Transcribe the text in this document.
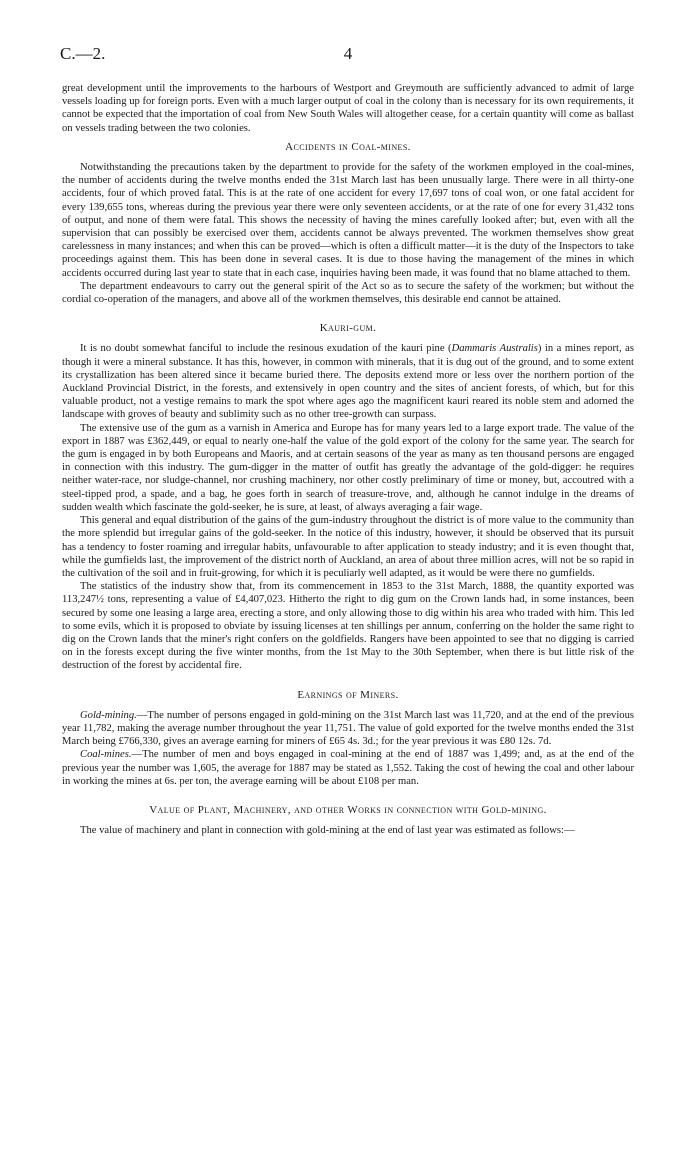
C.—2.	4

great development until the improvements to the harbours of Westport and Greymouth are sufficiently advanced to admit of large vessels loading up for foreign ports. Even with a much larger output of coal in the colony than is necessary for its own requirements, it cannot be expected that the importation of coal from New South Wales will altogether cease, for a certain quantity will come as ballast on vessels trading between the two colonies.

Accidents in Coal-mines.

Notwithstanding the precautions taken by the department to provide for the safety of the workmen employed in the coal-mines, the number of accidents during the twelve months ended the 31st March last has been unusually large. There were in all thirty-one accidents, four of which proved fatal. This is at the rate of one accident for every 17,697 tons of coal won, or one fatal accident for every 139,655 tons, whereas during the previous year there were only seventeen accidents, or at the rate of one for every 31,432 tons of output, and none of them were fatal. This shows the necessity of having the mines carefully looked after; but, even with all the supervision that can possibly be exercised over them, accidents cannot be always prevented. The workmen themselves show great carelessness in many instances; and when this can be proved—which is often a difficult matter—it is the duty of the Inspectors to take proceedings against them. This has been done in several cases. It is due to those having the management of the mines in which accidents occurred during last year to state that in each case, inquiries having been made, it was found that no blame attached to them.

The department endeavours to carry out the general spirit of the Act so as to secure the safety of the workmen; but without the cordial co-operation of the managers, and above all of the workmen themselves, this desirable end cannot be attained.

Kauri-gum.

It is no doubt somewhat fanciful to include the resinous exudation of the kauri pine (Dammaris Australis) in a mines report, as though it were a mineral substance. It has this, however, in common with minerals, that it is dug out of the ground, and to some extent its crystallization has been altered since it became buried there. The deposits extend more or less over the northern portion of the Auckland Provincial District, in the forests, and extensively in open country and the sites of ancient forests, of which, but for this valuable product, not a vestige remains to mark the spot where ages ago the magnificent kauri reared its noble stem and adorned the landscape with groves of beauty and sublimity such as no other tree-growth can surpass.

The extensive use of the gum as a varnish in America and Europe has for many years led to a large export trade. The value of the export in 1887 was £362,449, or equal to nearly one-half the value of the gold export of the colony for the same year. The search for the gum is engaged in by both Europeans and Maoris, and at certain seasons of the year as many as ten thousand persons are engaged in connection with this industry. The gum-digger in the matter of outfit has greatly the advantage of the gold-digger: he requires neither water-race, nor sludge-channel, nor crushing machinery, nor other costly preliminary of time or money, but, accoutred with a steel-tipped prod, a spade, and a bag, he goes forth in search of treasure-trove, and, although he cannot indulge in the dreams of sudden wealth which fascinate the gold-seeker, he is sure, at least, of always averaging a fair wage.

This general and equal distribution of the gains of the gum-industry throughout the district is of more value to the community than the more splendid but irregular gains of the gold-seeker. In the notice of this industry, however, it should be observed that its pursuit has a tendency to foster roaming and irregular habits, unfavourable to after application to steady industry; and it is even thought that, while the gumfields last, the improvement of the district north of Auckland, an area of about three million acres, will not be so rapid in the cultivation of the soil and in fruit-growing, for which it is peculiarly well adapted, as it would be were there no gumfields.

The statistics of the industry show that, from its commencement in 1853 to the 31st March, 1888, the quantity exported was 113,247½ tons, representing a value of £4,407,023. Hitherto the right to dig gum on the Crown lands had, in some instances, been secured by some one leasing a large area, erecting a store, and only allowing those to dig within his area who traded with him. This led to some evils, which it is proposed to obviate by issuing licenses at ten shillings per annum, conferring on the holder the same right to dig on the Crown lands that the miner's right confers on the goldfields. Rangers have been appointed to see that no digging is carried on in the forests except during the five winter months, from the 1st May to the 30th September, when there is but little risk of the destruction of the forest by accidental fire.

Earnings of Miners.

Gold-mining.—The number of persons engaged in gold-mining on the 31st March last was 11,720, and at the end of the previous year 11,782, making the average number throughout the year 11,751. The value of gold exported for the twelve months ended the 31st March being £766,330, gives an average earning for miners of £65 4s. 3d.; for the year previous it was £80 12s. 7d.

Coal-mines.—The number of men and boys engaged in coal-mining at the end of 1887 was 1,499; and, as at the end of the previous year the number was 1,605, the average for 1887 may be stated as 1,552. Taking the cost of hewing the coal and other labour in working the mines at 6s. per ton, the average earning will be about £108 per man.

Value of Plant, Machinery, and other Works in connection with Gold-mining.

The value of machinery and plant in connection with gold-mining at the end of last year was estimated as follows:—
